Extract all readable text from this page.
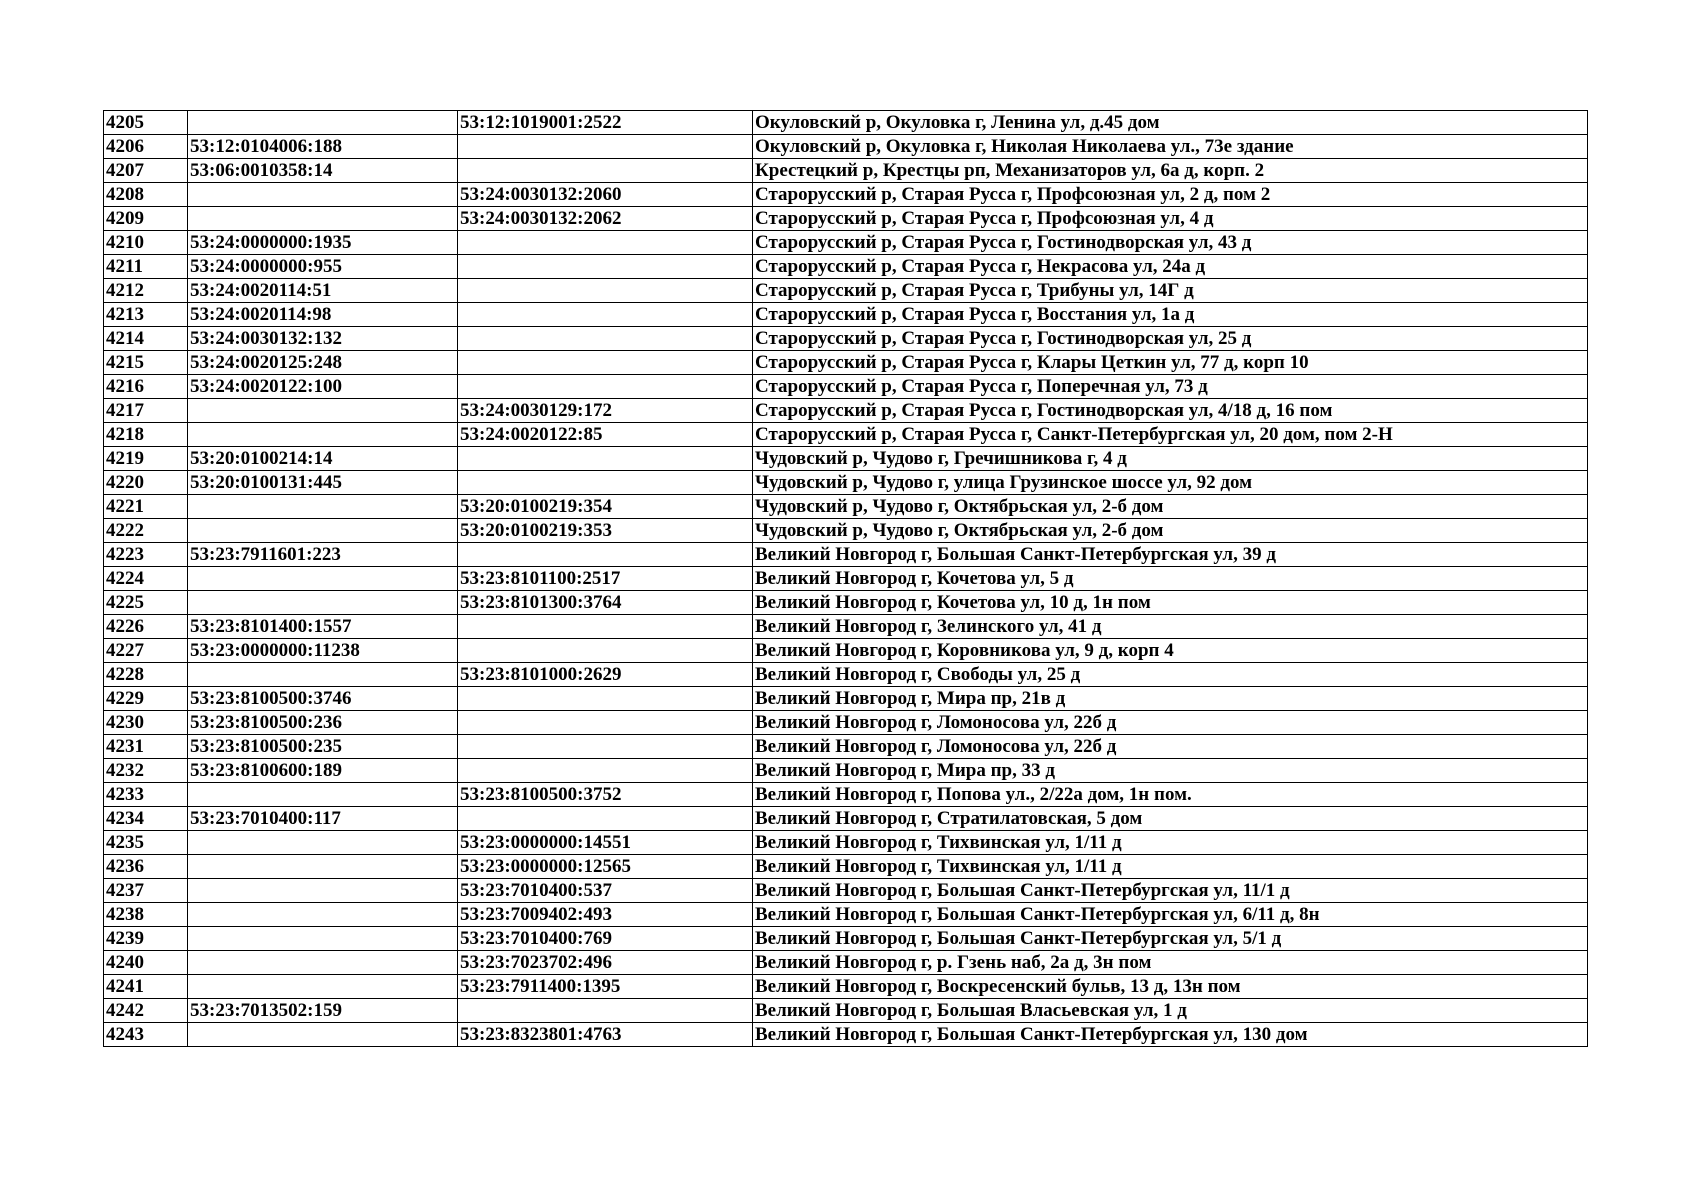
4205		53:12:1019001:2522	Окуловский р, Окуловка г, Ленина ул, д.45 дом
4206	53:12:0104006:188		Окуловский р, Окуловка г, Николая Николаева ул., 73е здание
4207	53:06:0010358:14		Крестецкий р, Крестцы рп, Механизаторов ул, 6а д, корп. 2
4208		53:24:0030132:2060	Старорусский р, Старая Русса г, Профсоюзная ул, 2 д, пом 2
4209		53:24:0030132:2062	Старорусский р, Старая Русса г, Профсоюзная ул, 4 д
4210	53:24:0000000:1935		Старорусский р, Старая Русса г, Гостинодворская ул, 43 д
4211	53:24:0000000:955		Старорусский р, Старая Русса г, Некрасова ул, 24а д
4212	53:24:0020114:51		Старорусский р, Старая Русса г, Трибуны ул, 14Г д
4213	53:24:0020114:98		Старорусский р, Старая Русса г, Восстания ул, 1а д
4214	53:24:0030132:132		Старорусский р, Старая Русса г, Гостинодворская ул, 25 д
4215	53:24:0020125:248		Старорусский р, Старая Русса г, Клары Цеткин ул, 77 д, корп 10
4216	53:24:0020122:100		Старорусский р, Старая Русса г, Поперечная ул, 73 д
4217		53:24:0030129:172	Старорусский р, Старая Русса г, Гостинодворская ул, 4/18 д, 16 пом
4218		53:24:0020122:85	Старорусский р, Старая Русса г, Санкт-Петербургская ул, 20 дом, пом 2-Н
4219	53:20:0100214:14		Чудовский р, Чудово г, Гречишникова г, 4 д
4220	53:20:0100131:445		Чудовский р, Чудово г, улица Грузинское шоссе ул, 92 дом
4221		53:20:0100219:354	Чудовский р, Чудово г, Октябрьская ул, 2-б дом
4222		53:20:0100219:353	Чудовский р, Чудово г, Октябрьская ул, 2-б дом
4223	53:23:7911601:223		Великий Новгород г, Большая Санкт-Петербургская ул, 39 д
4224		53:23:8101100:2517	Великий Новгород г, Кочетова ул, 5 д
4225		53:23:8101300:3764	Великий Новгород г, Кочетова ул, 10 д, 1н пом
4226	53:23:8101400:1557		Великий Новгород г, Зелинского ул, 41 д
4227	53:23:0000000:11238		Великий Новгород г, Коровникова ул, 9 д, корп 4
4228		53:23:8101000:2629	Великий Новгород г, Свободы ул, 25 д
4229	53:23:8100500:3746		Великий Новгород г, Мира пр, 21в д
4230	53:23:8100500:236		Великий Новгород г, Ломоносова ул, 22б д
4231	53:23:8100500:235		Великий Новгород г, Ломоносова ул, 22б д
4232	53:23:8100600:189		Великий Новгород г, Мира пр, 33 д
4233		53:23:8100500:3752	Великий Новгород г, Попова ул., 2/22а дом, 1н пом.
4234	53:23:7010400:117		Великий Новгород г, Стратилатовская, 5 дом
4235		53:23:0000000:14551	Великий Новгород г, Тихвинская ул, 1/11 д
4236		53:23:0000000:12565	Великий Новгород г, Тихвинская ул, 1/11 д
4237		53:23:7010400:537	Великий Новгород г, Большая Санкт-Петербургская ул, 11/1 д
4238		53:23:7009402:493	Великий Новгород г, Большая Санкт-Петербургская ул, 6/11 д, 8н
4239		53:23:7010400:769	Великий Новгород г, Большая Санкт-Петербургская ул, 5/1 д
4240		53:23:7023702:496	Великий Новгород г, р. Гзень наб, 2а д, 3н пом
4241		53:23:7911400:1395	Великий Новгород г, Воскресенский бульв, 13 д, 13н пом
4242	53:23:7013502:159		Великий Новгород г, Большая Власьевская ул, 1 д
4243		53:23:8323801:4763	Великий Новгород г, Большая Санкт-Петербургская ул, 130 дом
